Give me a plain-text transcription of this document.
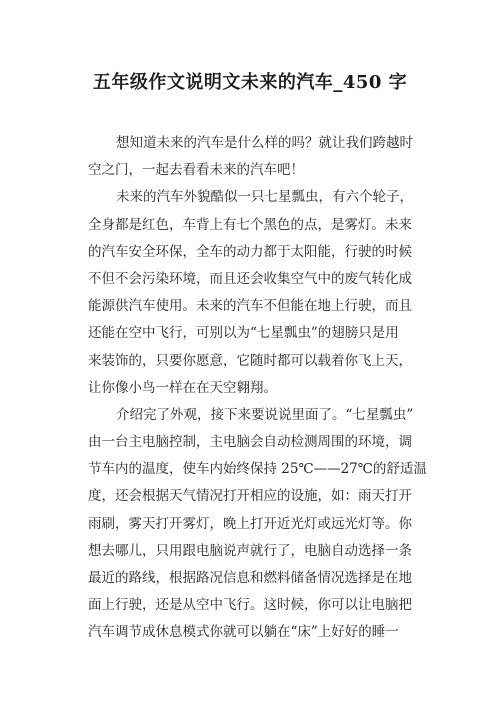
五年级作文说明文未来的汽车_450 字
想知道未来的汽车是什么样的吗？就让我们跨越时
空之门，一起去看看未来的汽车吧！
未来的汽车外貌酷似一只七星瓢虫，有六个轮子，
全身都是红色，车背上有七个黑色的点，是雾灯。未来
的汽车安全环保，全车的动力都于太阳能，行驶的时候
不但不会污染环境，而且还会收集空气中的废气转化成
能源供汽车使用。未来的汽车不但能在地上行驶，而且
还能在空中飞行，可别以为“七星瓢虫”的翅膀只是用
来装饰的，只要你愿意，它随时都可以载着你飞上天，
让你像小鸟一样在在天空翱翔。
介绍完了外观，接下来要说说里面了。“七星瓢虫”
由一台主电脑控制，主电脑会自动检测周围的环境，调
节车内的温度，使车内始终保持 25℃——27℃的舒适温
度，还会根据天气情况打开相应的设施，如：雨天打开
雨刷，雾天打开雾灯，晚上打开近光灯或远光灯等。你
想去哪儿，只用跟电脑说声就行了，电脑自动选择一条
最近的路线，根据路况信息和燃料储备情况选择是在地
面上行驶，还是从空中飞行。这时候，你可以让电脑把
汽车调节成休息模式你就可以躺在“床”上好好的睡一
